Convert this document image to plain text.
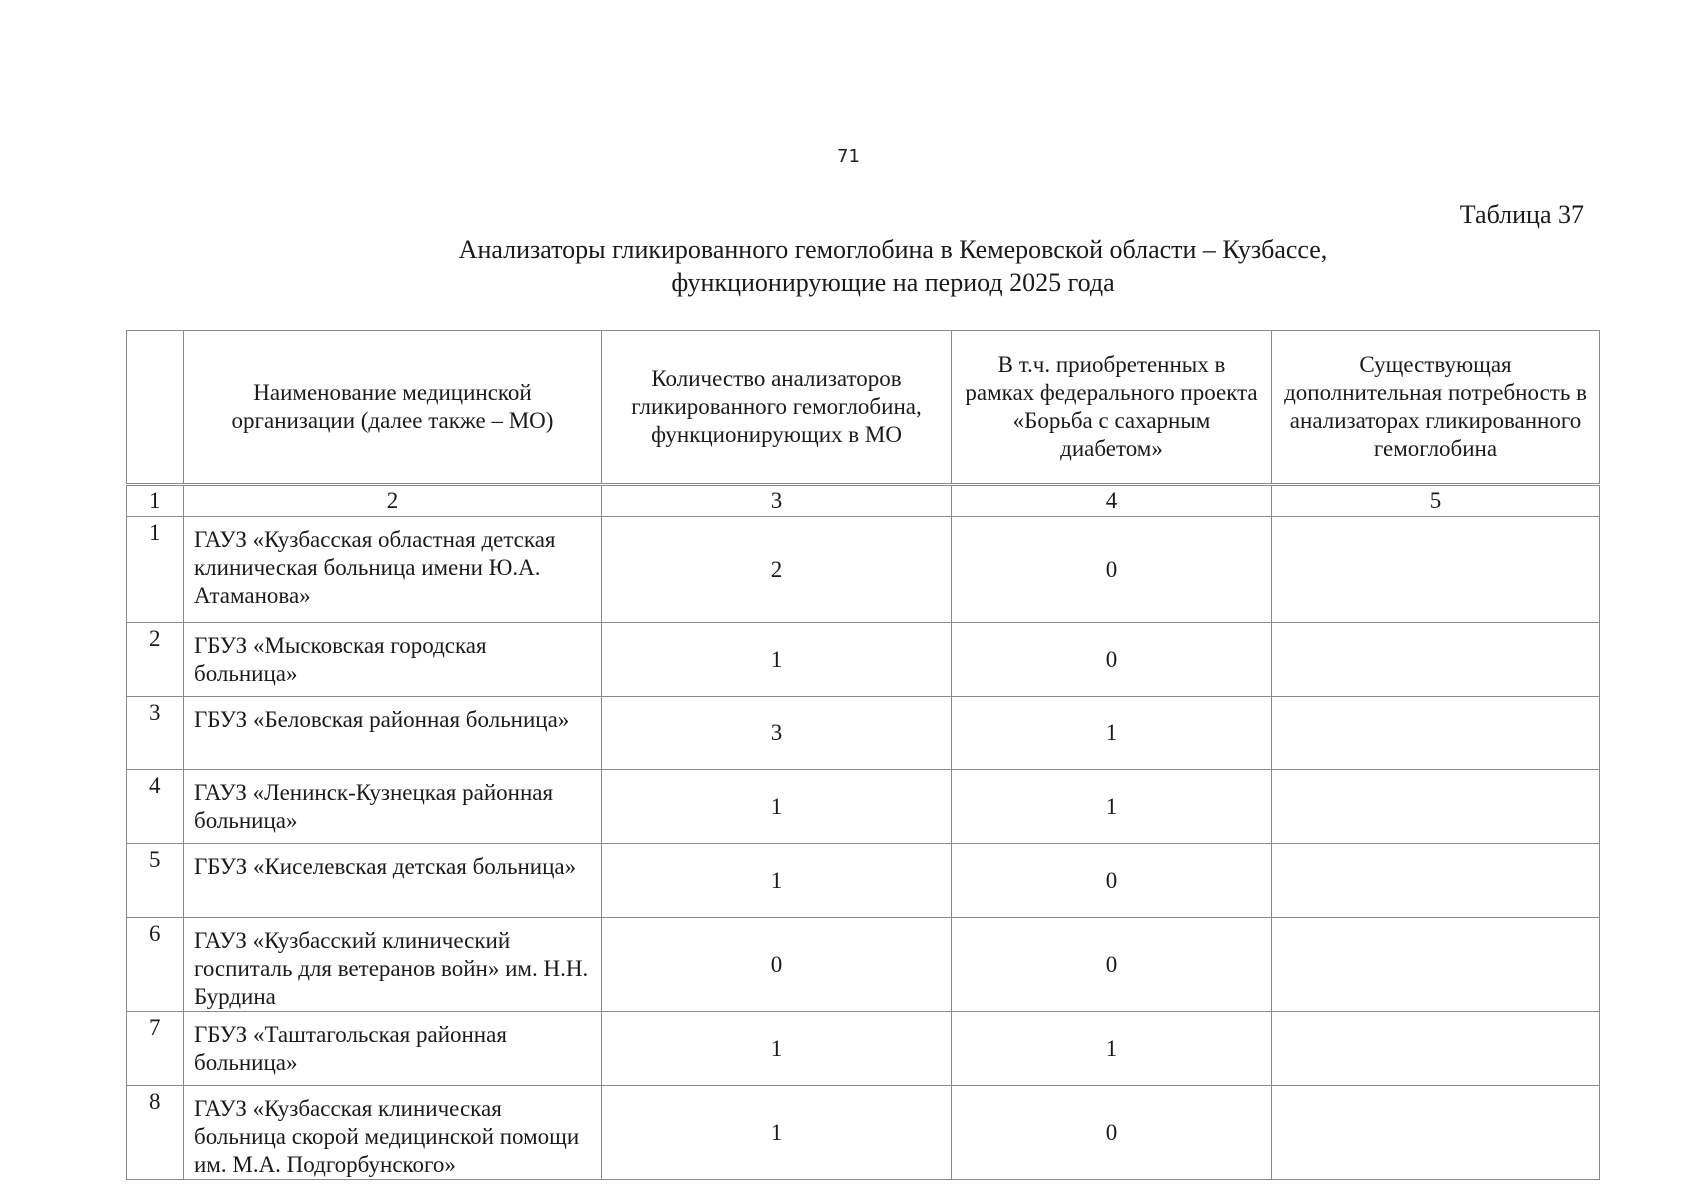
71
Таблица 37
Анализаторы гликированного гемоглобина в Кемеровской области – Кузбассе,
функционирующие на период 2025 года
	Наименование медицинской организации (далее также – МО)	Количество анализаторов гликированного гемоглобина, функционирующих в МО	В т.ч. приобретенных в рамках федерального проекта «Борьба с сахарным диабетом»	Существующая дополнительная потребность в анализаторах гликированного гемоглобина
1	2	3	4	5
1	ГАУЗ «Кузбасская областная детская клиническая больница имени Ю.А. Атаманова»	2	0	
2	ГБУЗ «Мысковская городская больница»	1	0	
3	ГБУЗ «Беловская районная больница»	3	1	
4	ГАУЗ «Ленинск-Кузнецкая районная больница»	1	1	
5	ГБУЗ «Киселевская детская больница»	1	0	
6	ГАУЗ «Кузбасский клинический госпиталь для ветеранов войн» им. Н.Н. Бурдина	0	0	
7	ГБУЗ «Таштагольская районная больница»	1	1	
8	ГАУЗ «Кузбасская клиническая больница скорой медицинской помощи им. М.А. Подгорбунского»	1	0	
